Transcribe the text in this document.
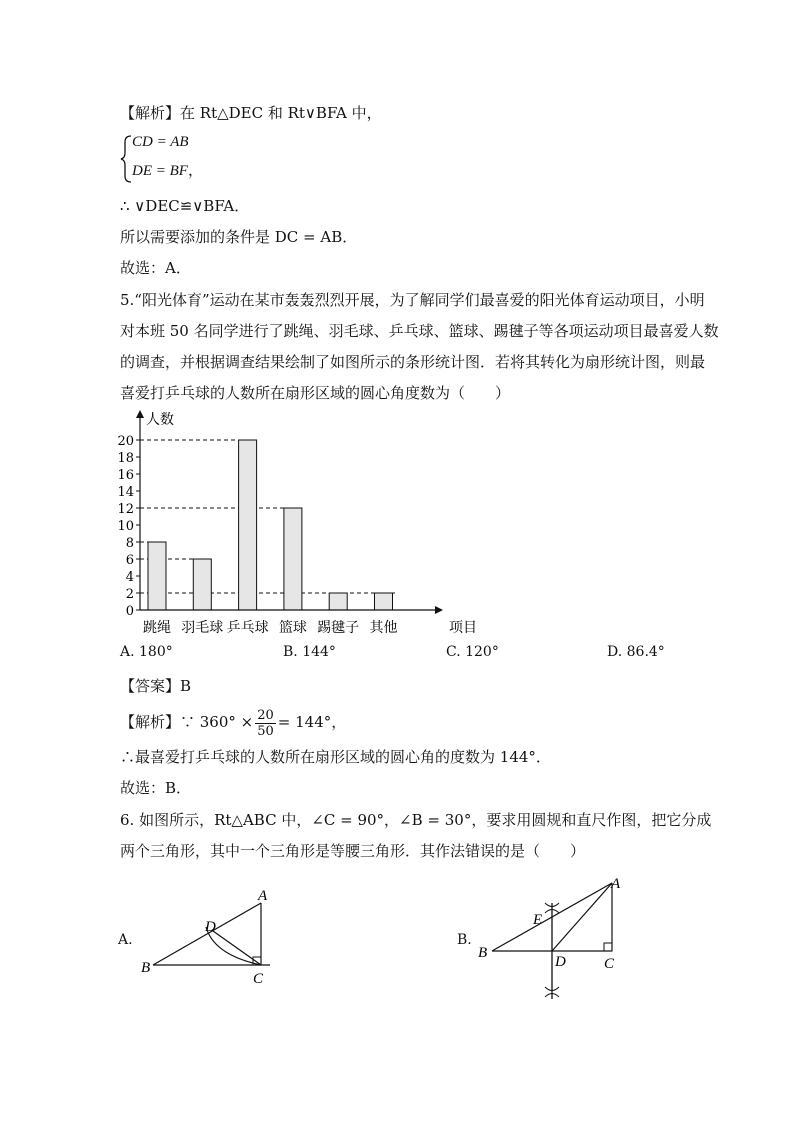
【解析】在 Rt△DEC 和 Rt∨BFA 中，
CD = AB
DE = BF，
∴ ∨DEC≌∨BFA．
所以需要添加的条件是 DC = AB．
故选：A．
5.“阳光体育”运动在某市轰轰烈烈开展，为了解同学们最喜爱的阳光体育运动项目，小明
对本班 50 名同学进行了跳绳、羽毛球、乒乓球、篮球、踢毽子等各项运动项目最喜爱人数
的调查，并根据调查结果绘制了如图所示的条形统计图．若将其转化为扇形统计图，则最
喜爱打乒乓球的人数所在扇形区域的圆心角度数为（　　）
跳绳 羽毛球 乒乓球 篮球 踢毽子 其他
0
2
4
6
8
10
12
14
16
18
20
人数
项目
A. 180°	B. 144°	C. 120°	D. 86.4°
【答案】B
【解析】∵ $360^\circ \times \frac{20}{50} = 144^\circ$，
∴最喜爱打乒乓球的人数所在扇形区域的圆心角的度数为 144°．
故选：B．
6. 如图所示，Rt△ABC 中，∠C = 90°，∠B = 30°，要求用圆规和直尺作图，把它分成
两个三角形，其中一个三角形是等腰三角形．其作法错误的是（　　）
A.
A
B
C
D
B.
A
B
C
D
E
